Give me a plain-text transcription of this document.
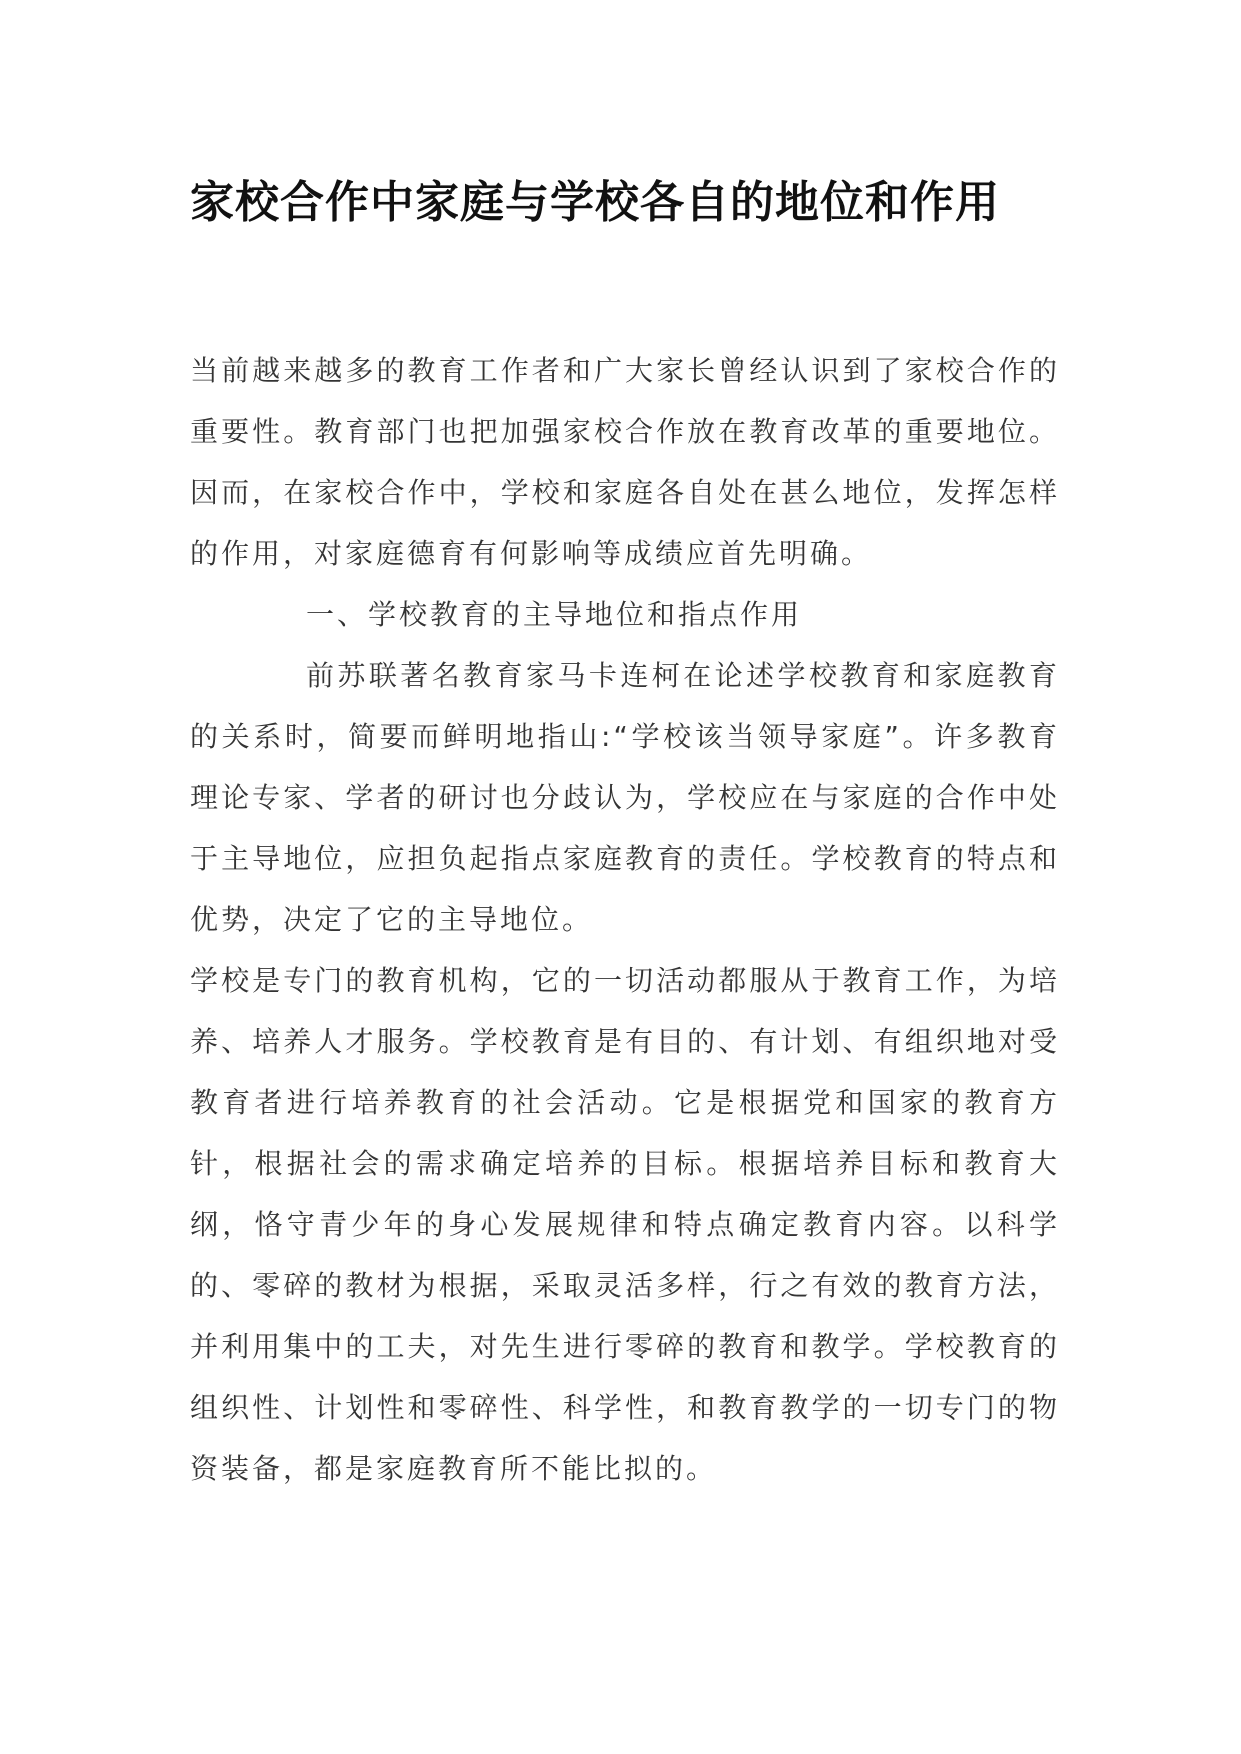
家校合作中家庭与学校各自的地位和作用

当前越来越多的教育工作者和广大家长曾经认识到了家校合作的重要性。教育部门也把加强家校合作放在教育改革的重要地位。因而，在家校合作中，学校和家庭各自处在甚么地位，发挥怎样的作用，对家庭德育有何影响等成绩应首先明确。

一、学校教育的主导地位和指点作用

前苏联著名教育家马卡连柯在论述学校教育和家庭教育的关系时，简要而鲜明地指山:“学校该当领导家庭”。许多教育理论专家、学者的研讨也分歧认为，学校应在与家庭的合作中处于主导地位，应担负起指点家庭教育的责任。学校教育的特点和优势，决定了它的主导地位。

学校是专门的教育机构，它的一切活动都服从于教育工作，为培养、培养人才服务。学校教育是有目的、有计划、有组织地对受教育者进行培养教育的社会活动。它是根据党和国家的教育方针，根据社会的需求确定培养的目标。根据培养目标和教育大纲，恪守青少年的身心发展规律和特点确定教育内容。以科学的、零碎的教材为根据，采取灵活多样，行之有效的教育方法，并利用集中的工夫，对先生进行零碎的教育和教学。学校教育的组织性、计划性和零碎性、科学性，和教育教学的一切专门的物资装备，都是家庭教育所不能比拟的。
